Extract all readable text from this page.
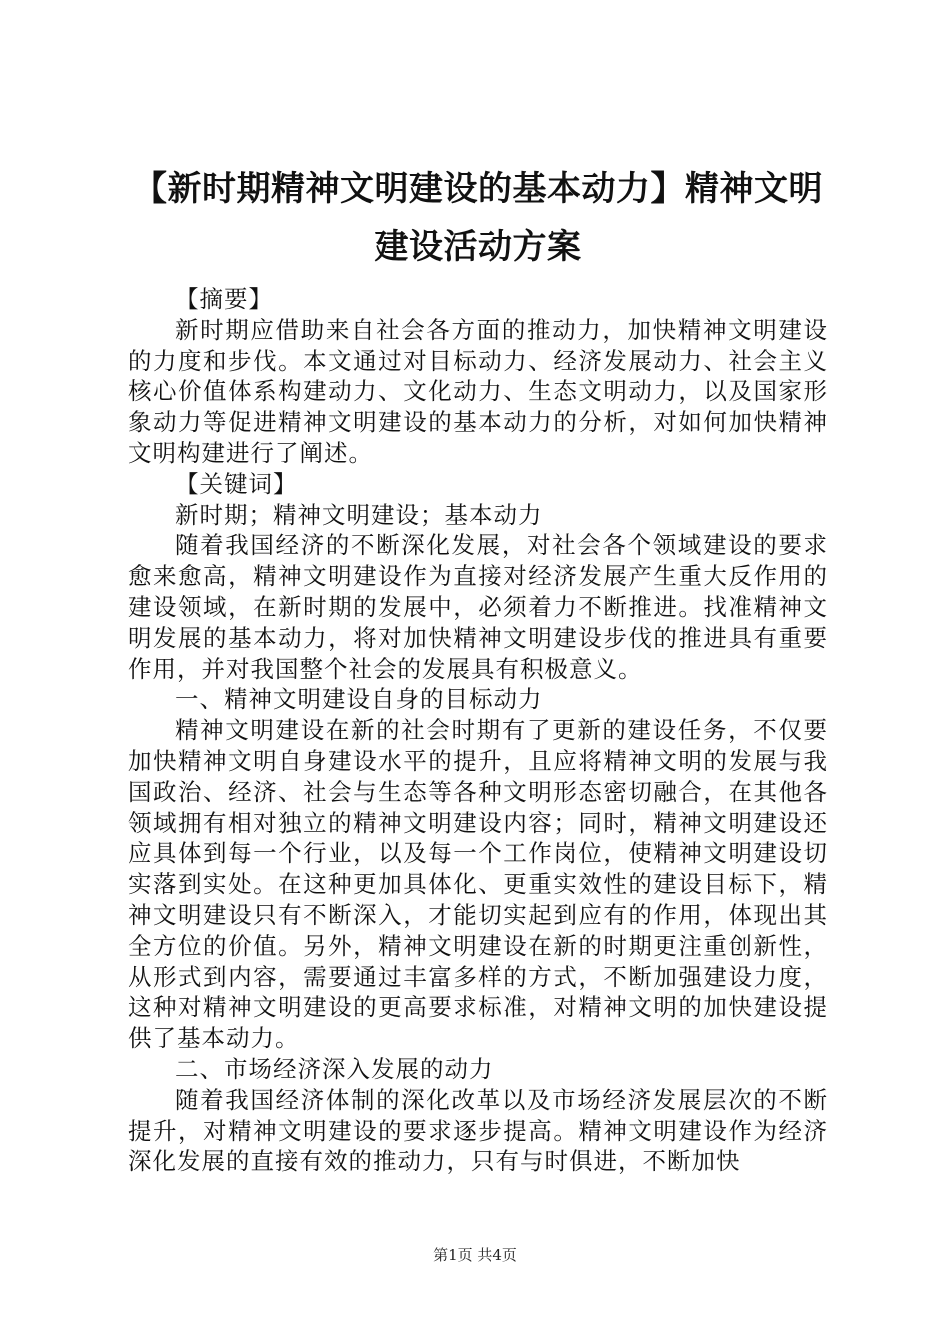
【新时期精神文明建设的基本动力】精神文明建设活动方案

【摘要】

新时期应借助来自社会各方面的推动力，加快精神文明建设的力度和步伐。本文通过对目标动力、经济发展动力、社会主义核心价值体系构建动力、文化动力、生态文明动力，以及国家形象动力等促进精神文明建设的基本动力的分析，对如何加快精神文明构建进行了阐述。

【关键词】

新时期；精神文明建设；基本动力

随着我国经济的不断深化发展，对社会各个领域建设的要求愈来愈高，精神文明建设作为直接对经济发展产生重大反作用的建设领域，在新时期的发展中，必须着力不断推进。找准精神文明发展的基本动力，将对加快精神文明建设步伐的推进具有重要作用，并对我国整个社会的发展具有积极意义。

一、精神文明建设自身的目标动力

精神文明建设在新的社会时期有了更新的建设任务，不仅要加快精神文明自身建设水平的提升，且应将精神文明的发展与我国政治、经济、社会与生态等各种文明形态密切融合，在其他各领域拥有相对独立的精神文明建设内容；同时，精神文明建设还应具体到每一个行业，以及每一个工作岗位，使精神文明建设切实落到实处。在这种更加具体化、更重实效性的建设目标下，精神文明建设只有不断深入，才能切实起到应有的作用，体现出其全方位的价值。另外，精神文明建设在新的时期更注重创新性，从形式到内容，需要通过丰富多样的方式，不断加强建设力度，这种对精神文明建设的更高要求标准，对精神文明的加快建设提供了基本动力。

二、市场经济深入发展的动力

随着我国经济体制的深化改革以及市场经济发展层次的不断提升，对精神文明建设的要求逐步提高。精神文明建设作为经济深化发展的直接有效的推动力，只有与时俱进，不断加快

第1页 共4页
